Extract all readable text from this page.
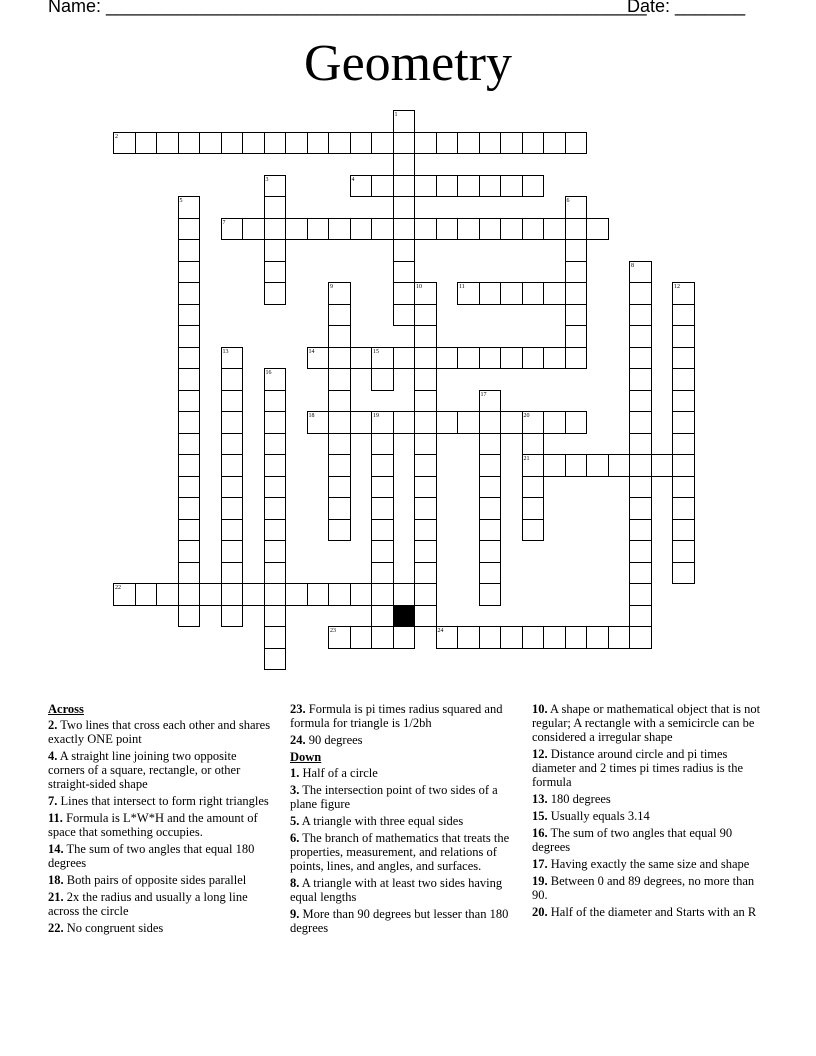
Name: ______________________________________________________
Date: _______
Geometry
1
2
3	4
5	6
7
8
9	10	11	12
13	14	15
16
17
18	19	20
21
22
23	24
Across
2. Two lines that cross each other and shares exactly ONE point
4. A straight line joining two opposite corners of a square, rectangle, or other straight-sided shape
7. Lines that intersect to form right triangles
11. Formula is L*W*H and the amount of space that something occupies.
14. The sum of two angles that equal 180 degrees
18. Both pairs of opposite sides parallel
21. 2x the radius and usually a long line across the circle
22. No congruent sides
23. Formula is pi times radius squared and formula for triangle is 1/2bh
24. 90 degrees
Down
1. Half of a circle
3. The intersection point of two sides of a plane figure
5. A triangle with three equal sides
6. The branch of mathematics that treats the properties, measurement, and relations of points, lines, and angles, and surfaces.
8. A triangle with at least two sides having equal lengths
9. More than 90 degrees but lesser than 180 degrees
10. A shape or mathematical object that is not regular; A rectangle with a semicircle can be considered a irregular shape
12. Distance around circle and pi times diameter and 2 times pi times radius is the formula
13. 180 degrees
15. Usually equals 3.14
16. The sum of two angles that equal 90 degrees
17. Having exactly the same size and shape
19. Between 0 and 89 degrees, no more than 90.
20. Half of the diameter and Starts with an R
